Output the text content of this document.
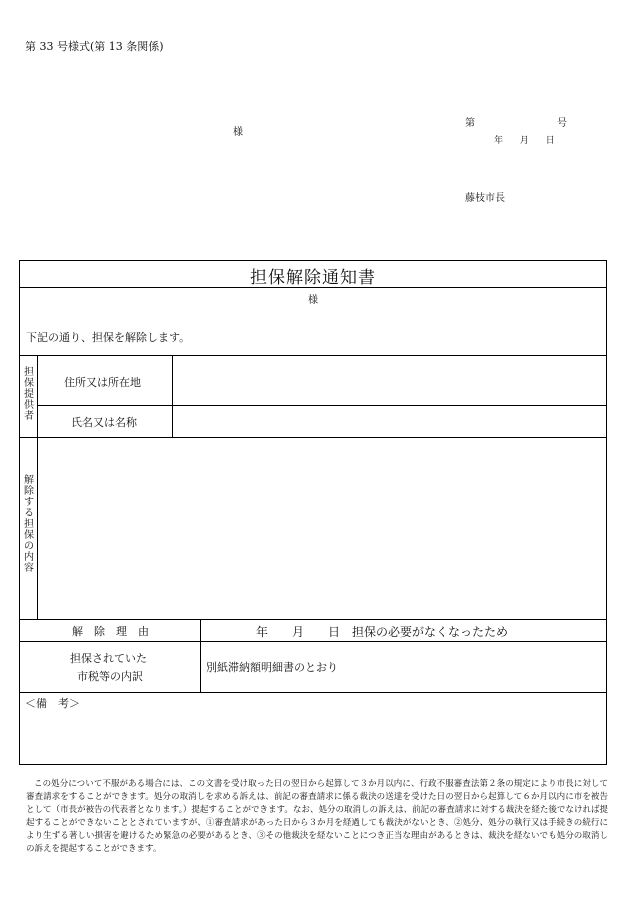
第 33 号様式(第 13 条関係)
様
第	号
年 月 日
藤枝市長
担保解除通知書
様
下記の通り、担保を解除します。
担
保
提
供
者
住所又は所在地
氏名又は名称
解
除
す
る
担
保
の
内
容
解　除　理　由	年　　月　　日　担保の必要がなくなったため
担保されていた
市税等の内訳
別紙滞納額明細書のとおり
＜備　考＞
この処分について不服がある場合には、この文書を受け取った日の翌日から起算して３か月以内に、行政不服審査法第２条の規定により市長に対して審査請求をすることができます。処分の取消しを求める訴えは、前記の審査請求に係る裁決の送達を受けた日の翌日から起算して６か月以内に市を被告として（市長が被告の代表者となります。）提起することができます。なお、処分の取消しの訴えは、前記の審査請求に対する裁決を経た後でなければ提起することができないこととされていますが、①審査請求があった日から３か月を経過しても裁決がないとき、②処分、処分の執行又は手続きの続行により生ずる著しい損害を避けるため緊急の必要があるとき、③その他裁決を経ないことにつき正当な理由があるときは、裁決を経ないでも処分の取消しの訴えを提起することができます。
